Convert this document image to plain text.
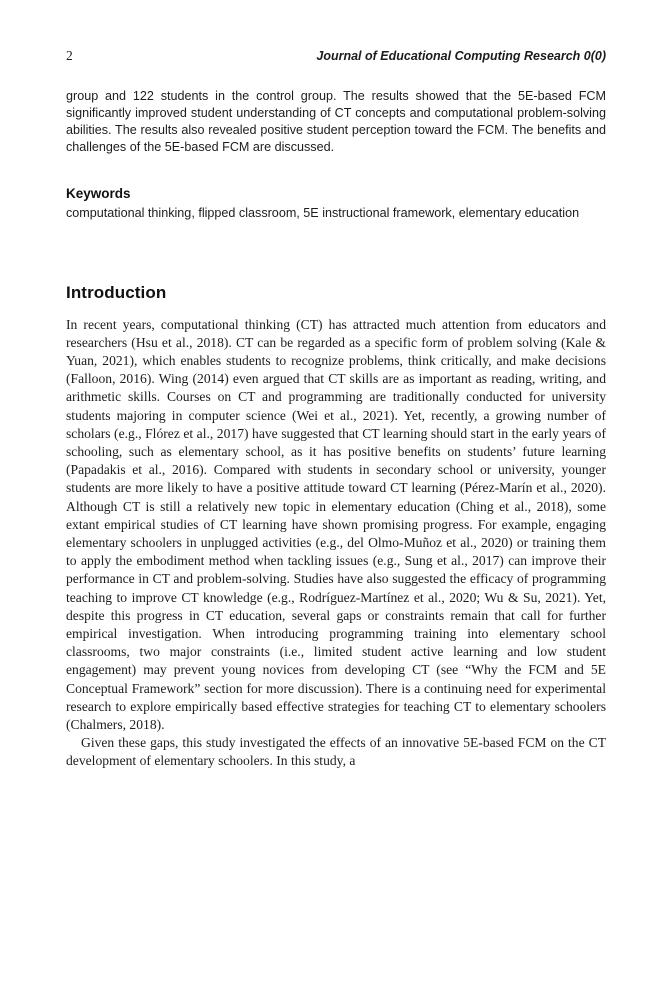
2	Journal of Educational Computing Research 0(0)

group and 122 students in the control group. The results showed that the 5E-based FCM significantly improved student understanding of CT concepts and computational problem-solving abilities. The results also revealed positive student perception toward the FCM. The benefits and challenges of the 5E-based FCM are discussed.

Keywords

computational thinking, flipped classroom, 5E instructional framework, elementary education

Introduction

In recent years, computational thinking (CT) has attracted much attention from educators and researchers (Hsu et al., 2018). CT can be regarded as a specific form of problem solving (Kale & Yuan, 2021), which enables students to recognize problems, think critically, and make decisions (Falloon, 2016). Wing (2014) even argued that CT skills are as important as reading, writing, and arithmetic skills. Courses on CT and programming are traditionally conducted for university students majoring in computer science (Wei et al., 2021). Yet, recently, a growing number of scholars (e.g., Flórez et al., 2017) have suggested that CT learning should start in the early years of schooling, such as elementary school, as it has positive benefits on students’ future learning (Papadakis et al., 2016). Compared with students in secondary school or university, younger students are more likely to have a positive attitude toward CT learning (Pérez-Marín et al., 2020). Although CT is still a relatively new topic in elementary education (Ching et al., 2018), some extant empirical studies of CT learning have shown promising progress. For example, engaging elementary schoolers in unplugged activities (e.g., del Olmo-Muñoz et al., 2020) or training them to apply the embodiment method when tackling issues (e.g., Sung et al., 2017) can improve their performance in CT and problem-solving. Studies have also suggested the efficacy of programming teaching to improve CT knowledge (e.g., Rodríguez-Martínez et al., 2020; Wu & Su, 2021). Yet, despite this progress in CT education, several gaps or constraints remain that call for further empirical investigation. When introducing programming training into elementary school classrooms, two major constraints (i.e., limited student active learning and low student engagement) may prevent young novices from developing CT (see “Why the FCM and 5E Conceptual Framework” section for more discussion). There is a continuing need for experimental research to explore empirically based effective strategies for teaching CT to elementary schoolers (Chalmers, 2018).

Given these gaps, this study investigated the effects of an innovative 5E-based FCM on the CT development of elementary schoolers. In this study, a
